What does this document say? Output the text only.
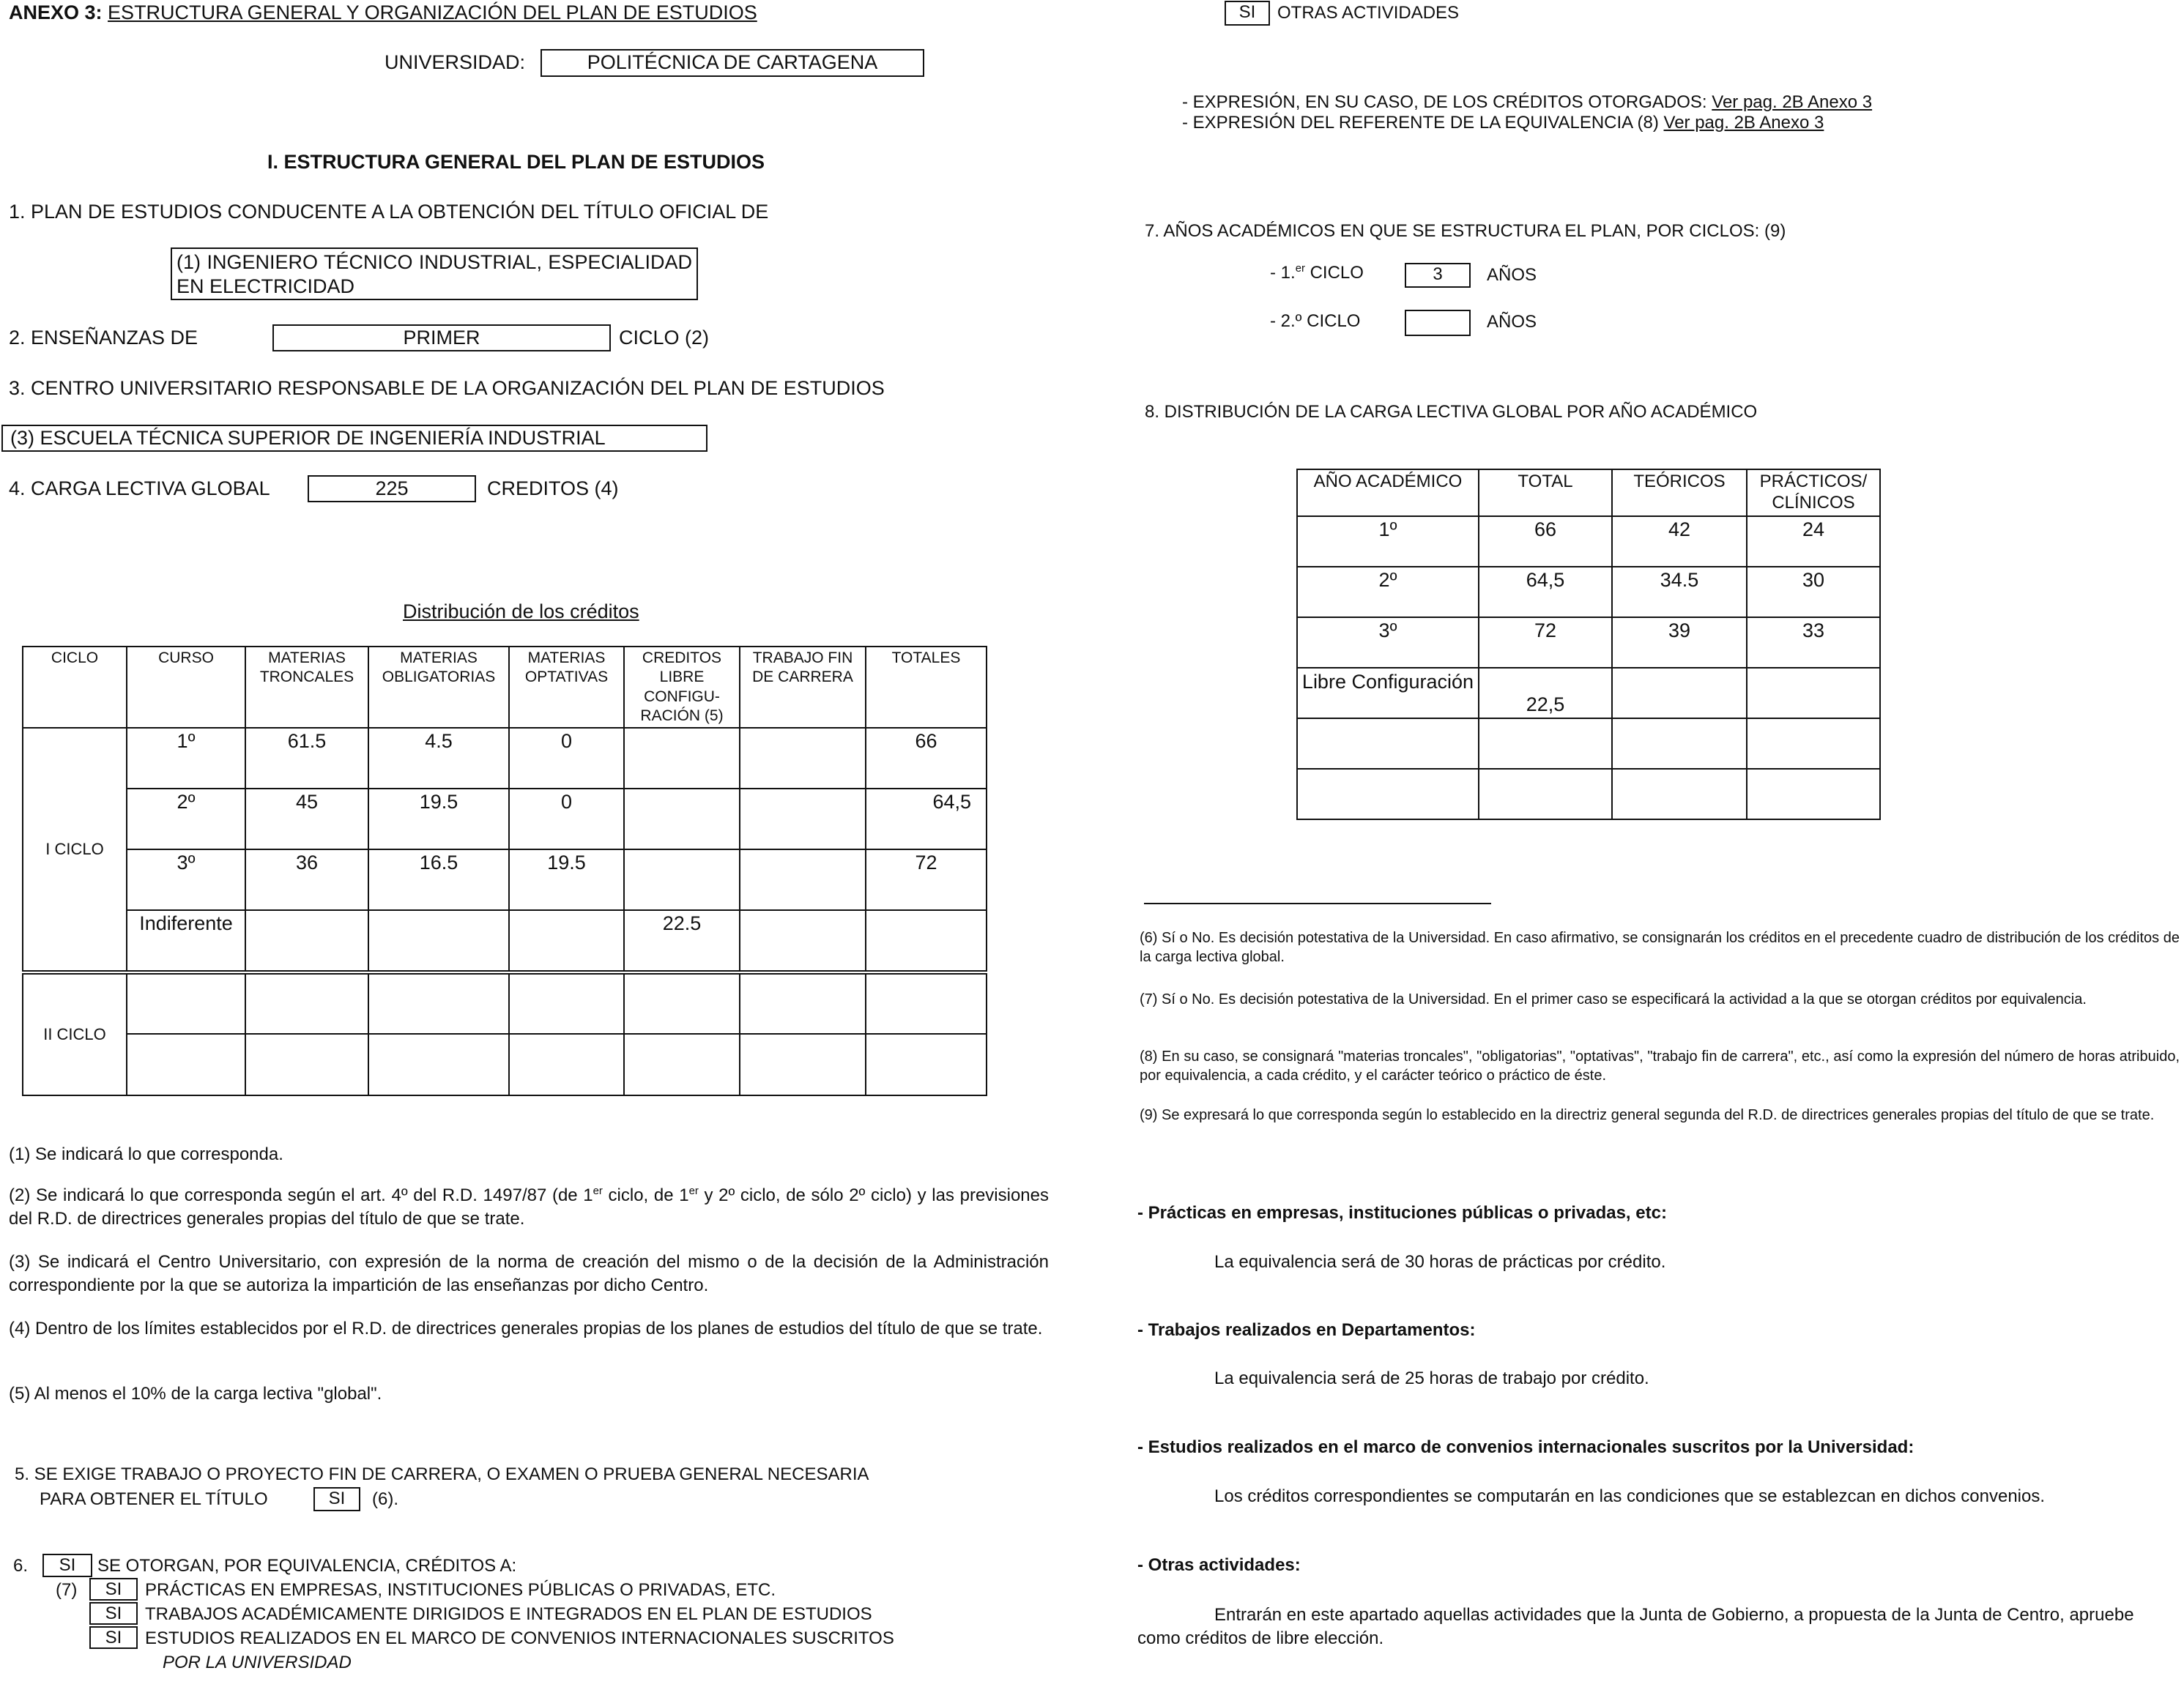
ANEXO 3: ESTRUCTURA GENERAL Y ORGANIZACIÓN DEL PLAN DE ESTUDIOS
UNIVERSIDAD:	POLITÉCNICA DE CARTAGENA
I. ESTRUCTURA GENERAL DEL PLAN DE ESTUDIOS
1. PLAN DE ESTUDIOS CONDUCENTE A LA OBTENCIÓN DEL TÍTULO OFICIAL DE
(1) INGENIERO TÉCNICO INDUSTRIAL, ESPECIALIDAD EN ELECTRICIDAD
2. ENSEÑANZAS DE	PRIMER	CICLO (2)
3. CENTRO UNIVERSITARIO RESPONSABLE DE LA ORGANIZACIÓN DEL PLAN DE ESTUDIOS
(3) ESCUELA TÉCNICA SUPERIOR DE INGENIERÍA INDUSTRIAL
4. CARGA LECTIVA GLOBAL	225	CREDITOS (4)
Distribución de los créditos
CICLO	CURSO	MATERIAS TRONCALES	MATERIAS OBLIGATORIAS	MATERIAS OPTATIVAS	CREDITOS LIBRE CONFIGU-RACIÓN (5)	TRABAJO FIN DE CARRERA	TOTALES
I CICLO	1º	61.5	4.5	0			66
	2º	45	19.5	0			64,5
	3º	36	16.5	19.5			72
	Indiferente				22.5		
II CICLO							

(1) Se indicará lo que corresponda.
(2) Se indicará lo que corresponda según el art. 4º del R.D. 1497/87 (de 1er ciclo, de 1er y 2º ciclo, de sólo 2º ciclo) y las previsiones del R.D. de directrices generales propias del título de que se trate.
(3) Se indicará el Centro Universitario, con expresión de la norma de creación del mismo o de la decisión de la Administración correspondiente por la que se autoriza la impartición de las enseñanzas por dicho Centro.
(4) Dentro de los límites establecidos por el R.D. de directrices generales propias de los planes de estudios del título de que se trate.
(5) Al menos el 10% de la carga lectiva "global".
5. SE EXIGE TRABAJO O PROYECTO FIN DE CARRERA, O EXAMEN O PRUEBA GENERAL NECESARIA
PARA OBTENER EL TÍTULO	SI	(6).
6.	SI	SE OTORGAN, POR EQUIVALENCIA, CRÉDITOS A:
(7)	SI	PRÁCTICAS EN EMPRESAS, INSTITUCIONES PÚBLICAS O PRIVADAS, ETC.
SI	TRABAJOS ACADÉMICAMENTE DIRIGIDOS E INTEGRADOS EN EL PLAN DE ESTUDIOS
SI	ESTUDIOS REALIZADOS EN EL MARCO DE CONVENIOS INTERNACIONALES SUSCRITOS
POR LA UNIVERSIDAD
SI	OTRAS ACTIVIDADES
- EXPRESIÓN, EN SU CASO, DE LOS CRÉDITOS OTORGADOS: Ver pag. 2B Anexo 3
- EXPRESIÓN DEL REFERENTE DE LA EQUIVALENCIA (8) Ver pag. 2B Anexo 3
7. AÑOS ACADÉMICOS EN QUE SE ESTRUCTURA EL PLAN, POR CICLOS: (9)
- 1.$^{er}$ CICLO	3	AÑOS
- 2.º CICLO	AÑOS
8. DISTRIBUCIÓN DE LA CARGA LECTIVA GLOBAL POR AÑO ACADÉMICO
AÑO ACADÉMICO	TOTAL	TEÓRICOS	PRÁCTICOS/ CLÍNICOS
1º	66	42	24
2º	64,5	34.5	30
3º	72	39	33
Libre Configuración	22,5		

(6) Sí o No. Es decisión potestativa de la Universidad. En caso afirmativo, se consignarán los créditos en el precedente cuadro de distribución de los créditos de la carga lectiva global.
(7) Sí o No. Es decisión potestativa de la Universidad. En el primer caso se especificará la actividad a la que se otorgan créditos por equivalencia.
(8) En su caso, se consignará "materias troncales", "obligatorias", "optativas", "trabajo fin de carrera", etc., así como la expresión del número de horas atribuido, por equivalencia, a cada crédito, y el carácter teórico o práctico de éste.
(9) Se expresará lo que corresponda según lo establecido en la directriz general segunda del R.D. de directrices generales propias del título de que se trate.
- Prácticas en empresas, instituciones públicas o privadas, etc:
La equivalencia será de 30 horas de prácticas por crédito.
- Trabajos realizados en Departamentos:
La equivalencia será de 25 horas de trabajo por crédito.
- Estudios realizados en el marco de convenios internacionales suscritos por la Universidad:
Los créditos correspondientes se computarán en las condiciones que se establezcan en dichos convenios.
- Otras actividades:
Entrarán en este apartado aquellas actividades que la Junta de Gobierno, a propuesta de la Junta de Centro, apruebe como créditos de libre elección.
